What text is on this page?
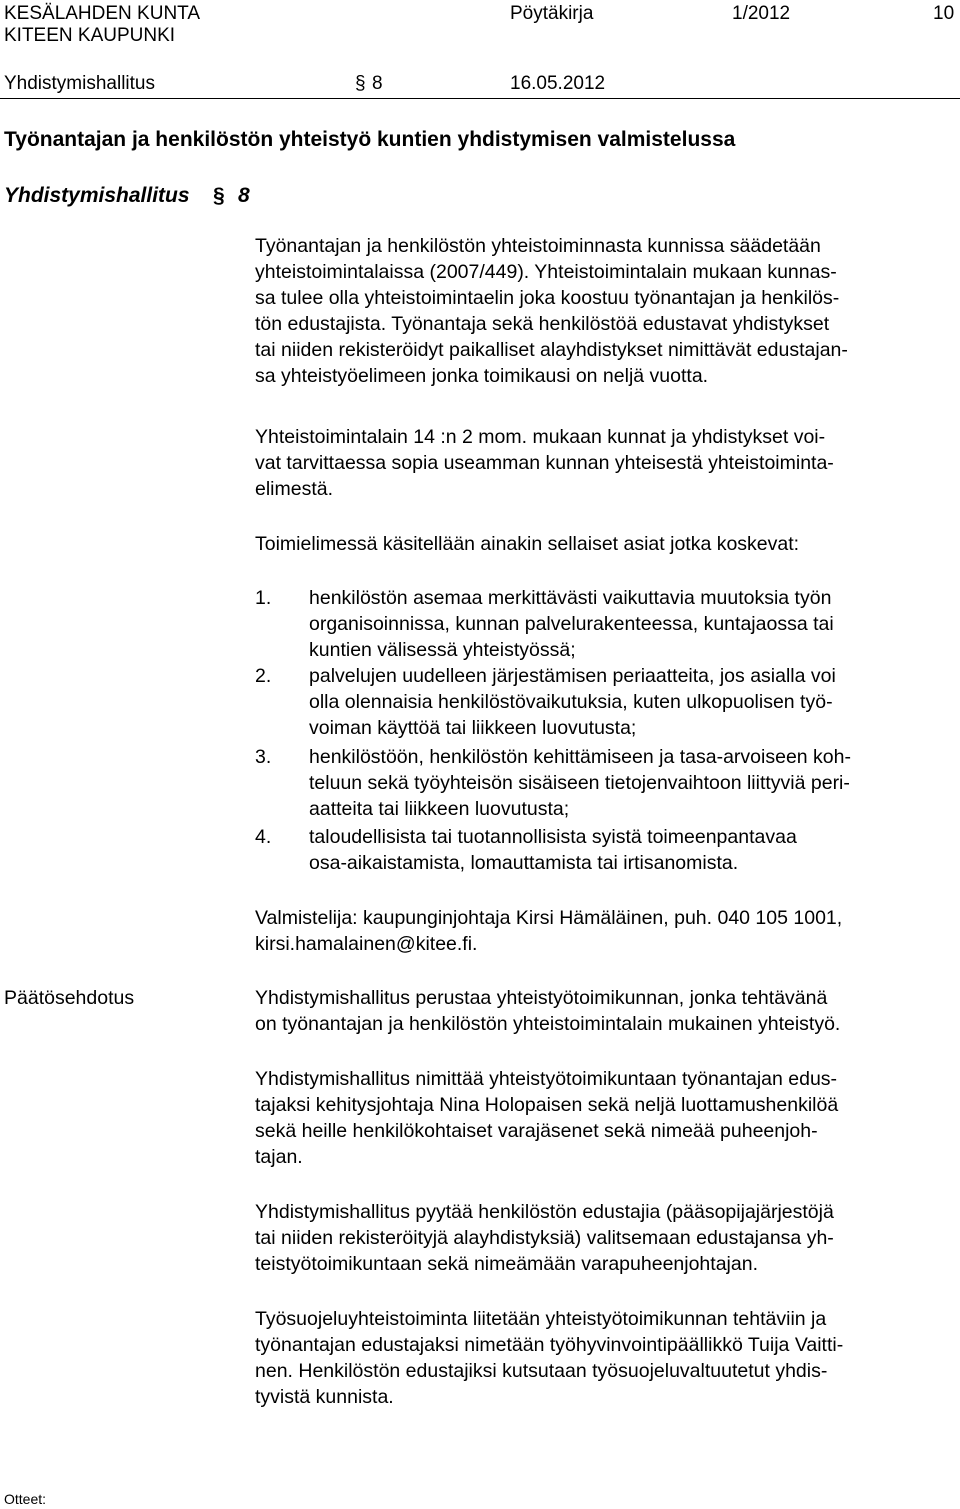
KESÄLAHDEN KUNTA
KITEEN KAUPUNKI
Pöytäkirja	1/2012	10
Yhdistymishallitus	§ 8	16.05.2012
Työnantajan ja henkilöstön yhteistyö kuntien yhdistymisen valmistelussa
Yhdistymishallitus § 8
Työnantajan ja henkilöstön yhteistoiminnasta kunnissa säädetään
yhteistoimintalaissa (2007/449). Yhteistoimintalain mukaan kunnas-
sa tulee olla yhteistoimintaelin joka koostuu työnantajan ja henkilös-
tön edustajista. Työnantaja sekä henkilöstöä edustavat yhdistykset
tai niiden rekisteröidyt paikalliset alayhdistykset nimittävät edustajan-
sa yhteistyöelimeen jonka toimikausi on neljä vuotta.
Yhteistoimintalain 14 :n 2 mom. mukaan kunnat ja yhdistykset voi-
vat tarvittaessa sopia useamman kunnan yhteisestä yhteistoiminta-
elimestä.
Toimielimessä käsitellään ainakin sellaiset asiat jotka koskevat:
1. henkilöstön asemaa merkittävästi vaikuttavia muutoksia työn
organisoinnissa, kunnan palvelurakenteessa, kuntajaossa tai
kuntien välisessä yhteistyössä;
2. palvelujen uudelleen järjestämisen periaatteita, jos asialla voi
olla olennaisia henkilöstövaikutuksia, kuten ulkopuolisen työ-
voiman käyttöä tai liikkeen luovutusta;
3. henkilöstöön, henkilöstön kehittämiseen ja tasa-arvoiseen koh-
teluun sekä työyhteisön sisäiseen tietojenvaihtoon liittyviä peri-
aatteita tai liikkeen luovutusta;
4. taloudellisista tai tuotannollisista syistä toimeenpantavaa
osa-aikaistamista, lomauttamista tai irtisanomista.
Valmistelija: kaupunginjohtaja Kirsi Hämäläinen, puh. 040 105 1001,
kirsi.hamalainen@kitee.fi.
Päätösehdotus	Yhdistymishallitus perustaa yhteistyötoimikunnan, jonka tehtävänä
on työnantajan ja henkilöstön yhteistoimintalain mukainen yhteistyö.
Yhdistymishallitus nimittää yhteistyötoimikuntaan työnantajan edus-
tajaksi kehitysjohtaja Nina Holopaisen sekä neljä luottamushenkilöä
sekä heille henkilökohtaiset varajäsenet sekä nimeää puheenjoh-
tajan.
Yhdistymishallitus pyytää henkilöstön edustajia (pääsopijajärjestöjä
tai niiden rekisteröityjä alayhdistyksiä) valitsemaan edustajansa yh-
teistyötoimikuntaan sekä nimeämään varapuheenjohtajan.
Työsuojeluyhteistoiminta liitetään yhteistyötoimikunnan tehtäviin ja
työnantajan edustajaksi nimetään työhyvinvointipäällikkö Tuija Vaitti-
nen. Henkilöstön edustajiksi kutsutaan työsuojeluvaltuutetut yhdis-
tyvistä kunnista.
Otteet:
